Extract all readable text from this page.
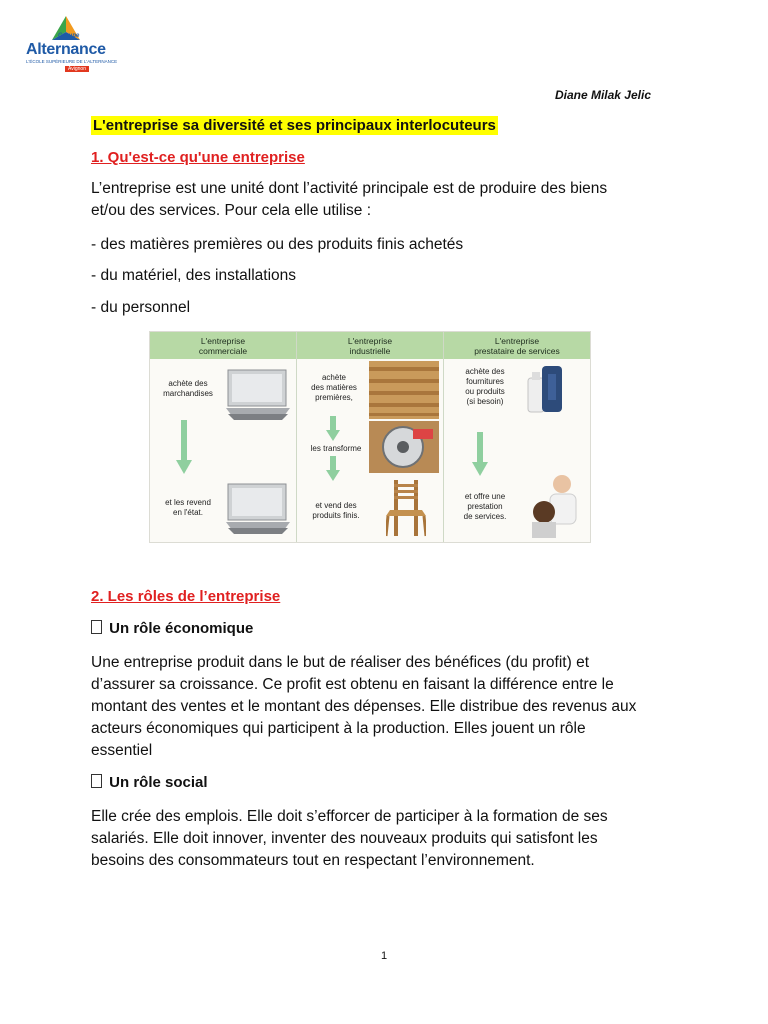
Groupe
Alternance
L'ÉCOLE SUPÉRIEURE DE L'ALTERNANCE
Avignon
Diane Milak Jelic
L'entreprise sa diversité et ses principaux interlocuteurs
1. Qu'est-ce qu'une entreprise
L’entreprise est une unité dont l’activité principale est de produire des biens
et/ou des services. Pour cela elle utilise :
- des matières premières ou des produits finis achetés
- du matériel, des installations
- du personnel
L'entreprise
commerciale
L'entreprise
industrielle
L'entreprise
prestataire de services
achète des
marchandises
et les revend
en l'état.
achète
des matières
premières,
les transforme
et vend des
produits finis.
achète des
fournitures
ou produits
(si besoin)
et offre une
prestation
de services.
2. Les rôles de l’entreprise
Un rôle économique
Une entreprise produit dans le but de réaliser des bénéfices (du profit) et
d’assurer sa croissance. Ce profit est obtenu en faisant la différence entre le
montant des ventes et le montant des dépenses. Elle distribue des revenus aux
acteurs économiques qui participent à la production. Elles jouent un rôle
essentiel
Un rôle social
Elle crée des emplois. Elle doit s’efforcer de participer à la formation de ses
salariés. Elle doit innover, inventer des nouveaux produits qui satisfont les
besoins des consommateurs tout en respectant l’environnement.
1
